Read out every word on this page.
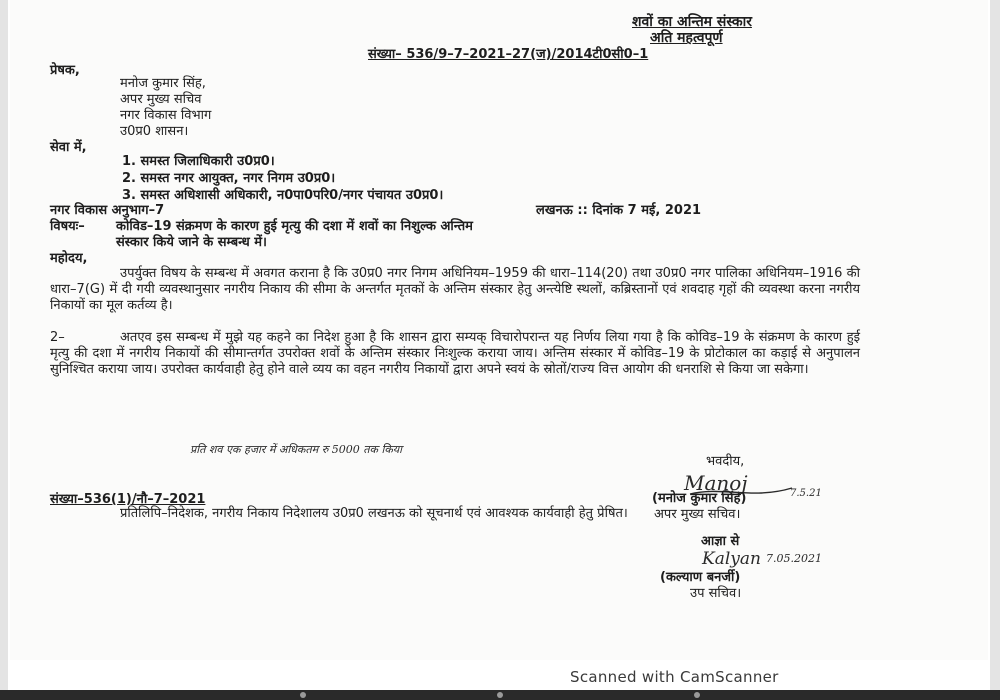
शवों का अन्तिम संस्कार
अति महत्वपूर्ण
संख्या– 536/9–7–2021–27(ज)/2014टी0सी0–1
प्रेषक,
मनोज कुमार सिंह,
अपर मुख्य सचिव
नगर विकास विभाग
उ0प्र0 शासन।
सेवा में,
1. समस्त जिलाधिकारी उ0प्र0।
2. समस्त नगर आयुक्त, नगर निगम उ0प्र0।
3. समस्त अधिशासी अधिकारी, न0पा0परि0/नगर पंचायत उ0प्र0।
नगर विकास अनुभाग–7	लखनऊ :: दिनांक 7 मई, 2021
विषयः– कोविड–19 संक्रमण के कारण हुई मृत्यु की दशा में शवों का निशुल्क अन्तिम
संस्कार किये जाने के सम्बन्ध में।
महोदय,
उपर्युक्त विषय के सम्बन्ध में अवगत कराना है कि उ0प्र0 नगर निगम अधिनियम–1959 की धारा–114(20) तथा उ0प्र0 नगर पालिका अधिनियम–1916 की धारा–7(G) में दी गयी व्यवस्थानुसार नगरीय निकाय की सीमा के अन्तर्गत मृतकों के अन्तिम संस्कार हेतु अन्त्येष्टि स्थलों, कब्रिस्तानों एवं शवदाह गृहों की व्यवस्था करना नगरीय निकायों का मूल कर्तव्य है।
2–	अतएव इस सम्बन्ध में मुझे यह कहने का निदेश हुआ है कि शासन द्वारा सम्यक् विचारोपरान्त यह निर्णय लिया गया है कि कोविड–19 के संक्रमण के कारण हुई मृत्यु की दशा में नगरीय निकायों की सीमान्तर्गत उपरोक्त शवों के अन्तिम संस्कार निःशुल्क कराया जाय। अन्तिम संस्कार में कोविड–19 के प्रोटोकाल का कड़ाई से अनुपालन सुनिश्चित कराया जाय। उपरोक्त कार्यवाही हेतु होने वाले व्यय का वहन नगरीय निकायों द्वारा अपने स्वयं के स्रोतों/राज्य वित्त आयोग की धनराशि से किया जा सकेगा।
प्रति शव एक हजार में अधिकतम रु 5000 तक किया
भवदीय,
Manoj	7.5.21
(मनोज कुमार सिंह)
अपर मुख्य सचिव।
संख्या–536(1)/नौ–7–2021
प्रतिलिपि–निदेशक, नगरीय निकाय निदेशालय उ0प्र0 लखनऊ को सूचनार्थ एवं आवश्यक कार्यवाही हेतु प्रेषित।
आज्ञा से
Kalyan 7.05.2021
(कल्याण बनर्जी)
उप सचिव।
Scanned with CamScanner
